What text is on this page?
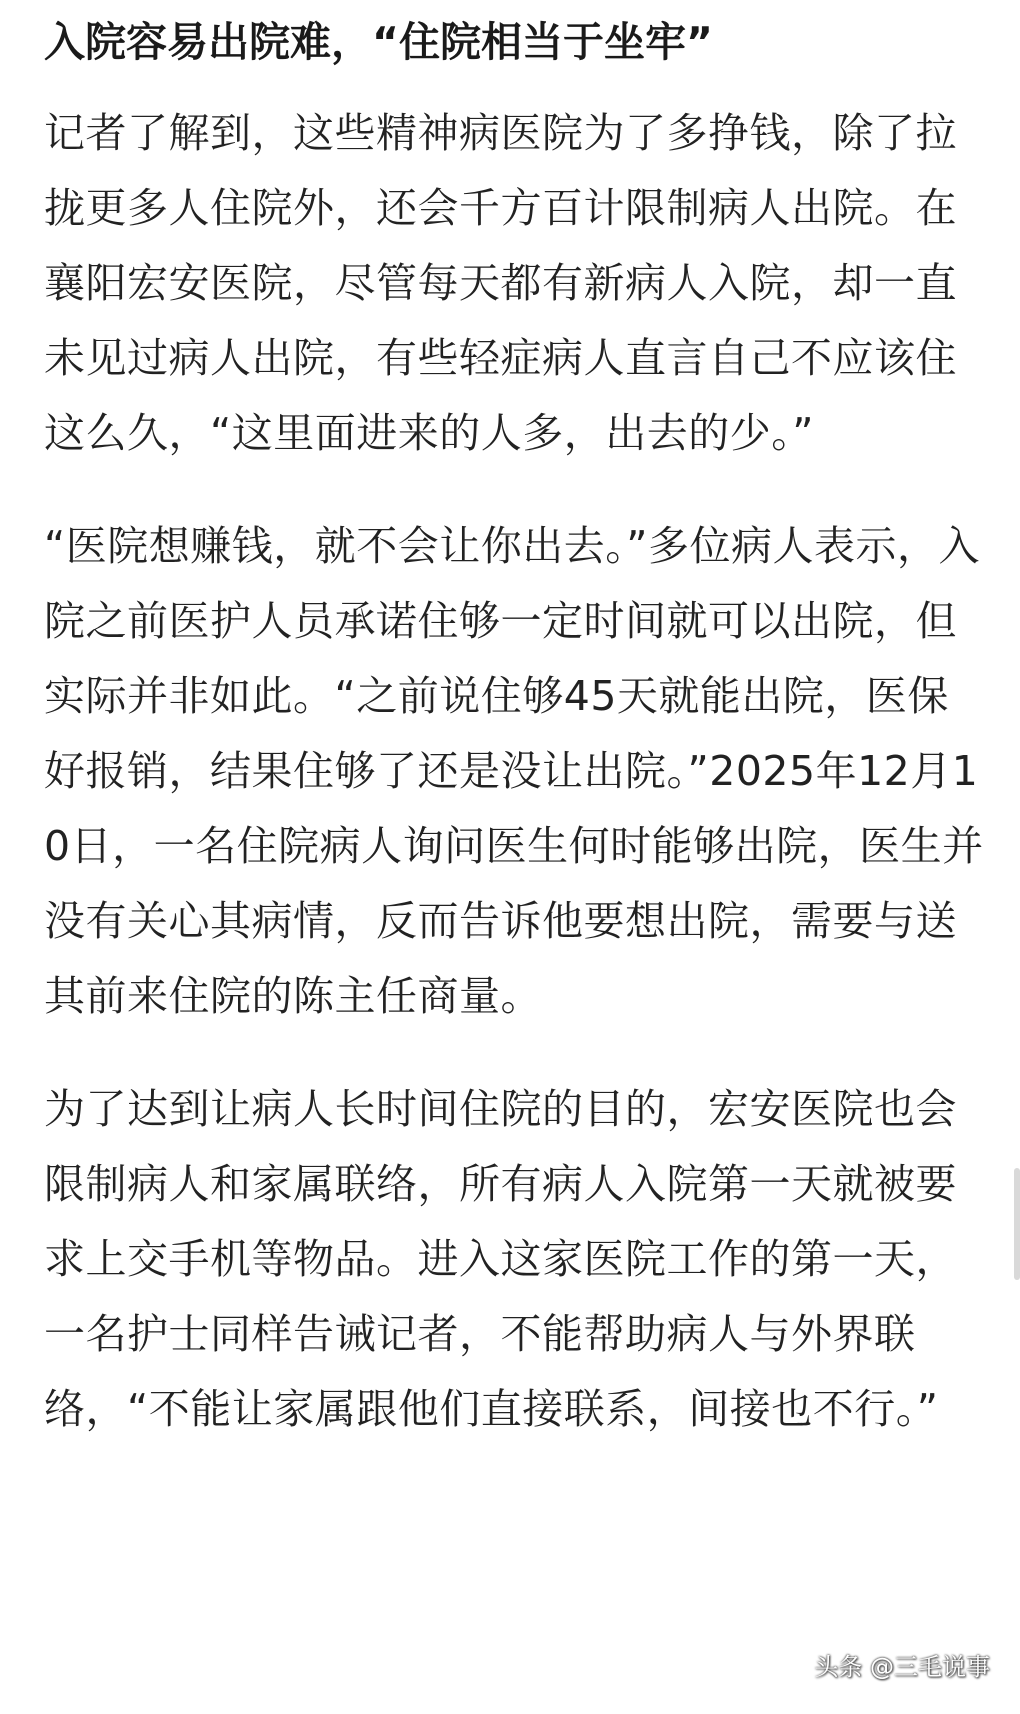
入院容易出院难，“住院相当于坐牢”

记者了解到，这些精神病医院为了多挣钱，除了拉拢更多人住院外，还会千方百计限制病人出院。在襄阳宏安医院，尽管每天都有新病人入院，却一直未见过病人出院，有些轻症病人直言自己不应该住这么久，“这里面进来的人多，出去的少。”

“医院想赚钱，就不会让你出去。”多位病人表示，入院之前医护人员承诺住够一定时间就可以出院，但实际并非如此。“之前说住够45天就能出院，医保好报销，结果住够了还是没让出院。”2025年12月10日，一名住院病人询问医生何时能够出院，医生并没有关心其病情，反而告诉他要想出院，需要与送其前来住院的陈主任商量。

为了达到让病人长时间住院的目的，宏安医院也会限制病人和家属联络，所有病人入院第一天就被要求上交手机等物品。进入这家医院工作的第一天，一名护士同样告诫记者，不能帮助病人与外界联络，“不能让家属跟他们直接联系，间接也不行。”

头条 @三毛说事
